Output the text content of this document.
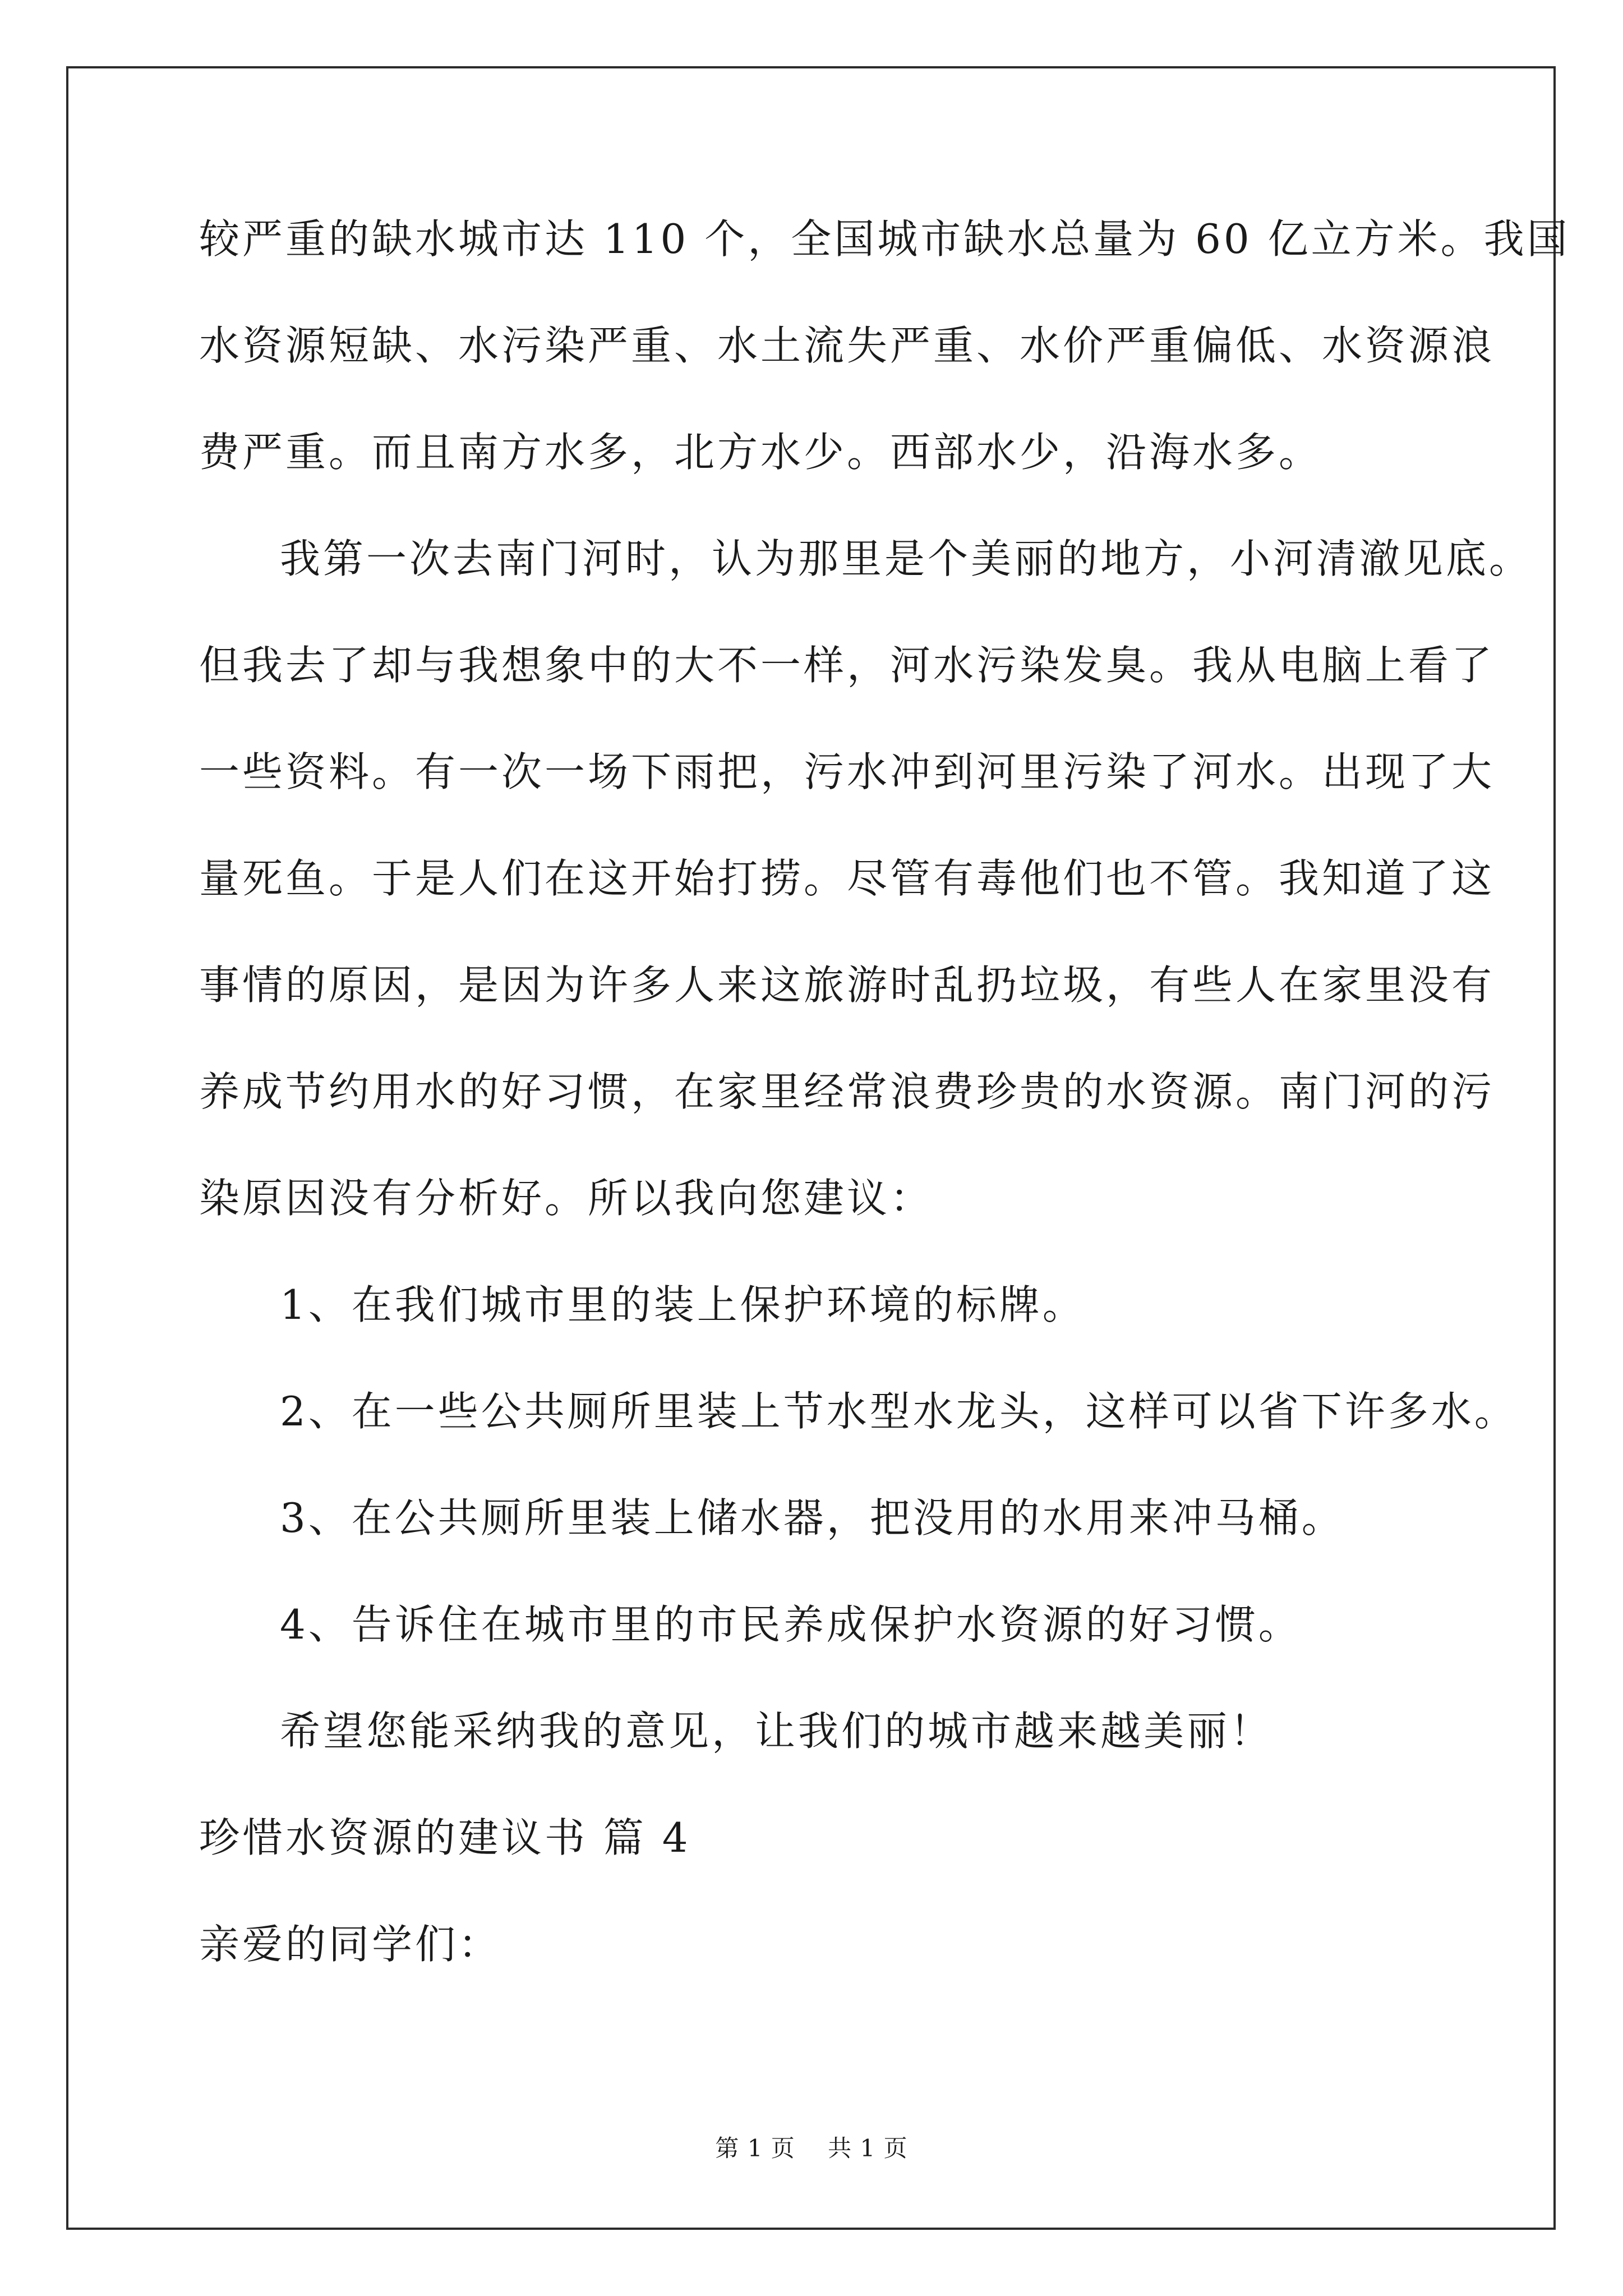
较严重的缺水城市达 110 个，全国城市缺水总量为 60 亿立方米。我国
水资源短缺、水污染严重、水土流失严重、水价严重偏低、水资源浪
费严重。而且南方水多，北方水少。西部水少，沿海水多。
我第一次去南门河时，认为那里是个美丽的地方，小河清澈见底。
但我去了却与我想象中的大不一样，河水污染发臭。我从电脑上看了
一些资料。有一次一场下雨把，污水冲到河里污染了河水。出现了大
量死鱼。于是人们在这开始打捞。尽管有毒他们也不管。我知道了这
事情的原因，是因为许多人来这旅游时乱扔垃圾，有些人在家里没有
养成节约用水的好习惯，在家里经常浪费珍贵的水资源。南门河的污
染原因没有分析好。所以我向您建议：
1、在我们城市里的装上保护环境的标牌。
2、在一些公共厕所里装上节水型水龙头，这样可以省下许多水。
3、在公共厕所里装上储水器，把没用的水用来冲马桶。
4、告诉住在城市里的市民养成保护水资源的好习惯。
希望您能采纳我的意见，让我们的城市越来越美丽！
珍惜水资源的建议书 篇 4
亲爱的同学们：
第 1 页 共 1 页
